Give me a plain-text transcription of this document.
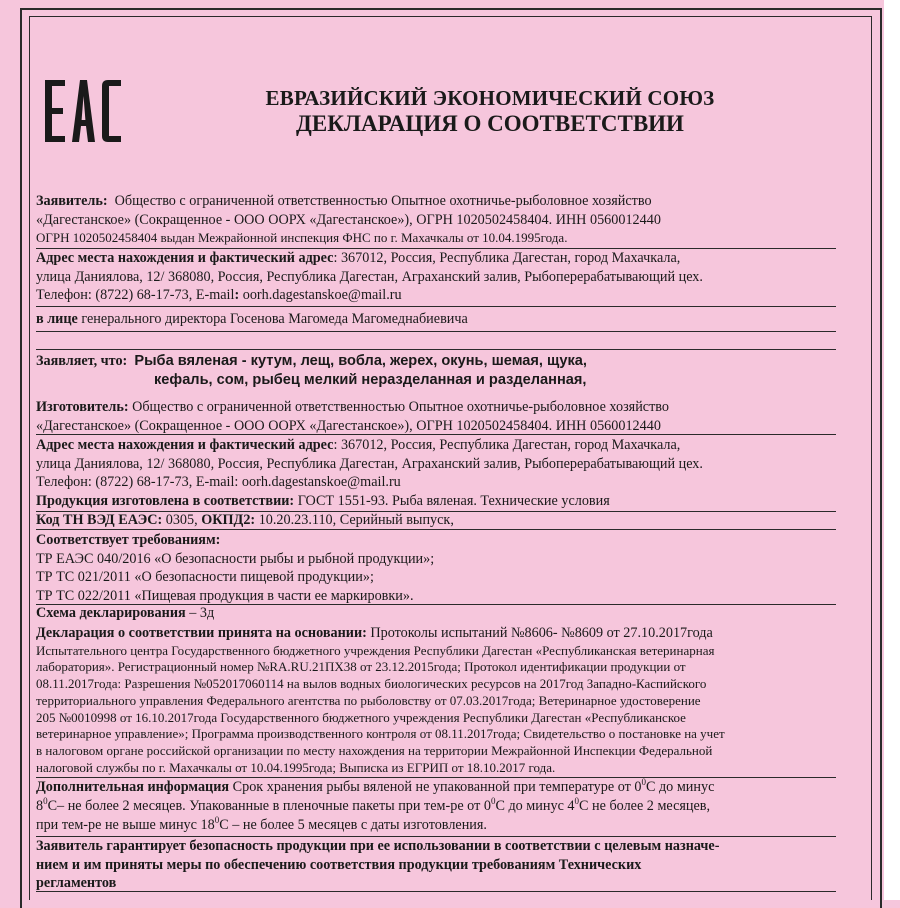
ЕВРАЗИЙСКИЙ ЭКОНОМИЧЕСКИЙ СОЮЗ
ДЕКЛАРАЦИЯ О СООТВЕТСТВИИ

Заявитель: Общество с ограниченной ответственностью Опытное охотничье-рыболовное хозяйство

«Дагестанское» (Сокращенное - ООО ООРХ «Дагестанское»), ОГРН 1020502458404. ИНН 0560012440

ОГРН 1020502458404 выдан Межрайонной инспекция ФНС по г. Махачкалы от 10.04.1995года.

Адрес места нахождения и фактический адрес: 367012, Россия, Республика Дагестан, город Махачкала,

улица Даниялова, 12/ 368080, Россия, Республика Дагестан, Аграханский залив, Рыбоперерабатывающий цех.

Телефон: (8722) 68-17-73, E-mail: oorh.dagestanskoe@mail.ru

в лице генерального директора Госенова Магомеда Магомеднабиевича

Заявляет, что: Рыба вяленая - кутум, лещ, вобла, жерех, окунь, шемая, щука,

кефаль, сом, рыбец мелкий неразделанная и разделанная,

Изготовитель: Общество с ограниченной ответственностью Опытное охотничье-рыболовное хозяйство

«Дагестанское» (Сокращенное - ООО ООРХ «Дагестанское»), ОГРН 1020502458404. ИНН 0560012440

Адрес места нахождения и фактический адрес: 367012, Россия, Республика Дагестан, город Махачкала,

улица Даниялова, 12/ 368080, Россия, Республика Дагестан, Аграханский залив, Рыбоперерабатывающий цех.

Телефон: (8722) 68-17-73, E-mail: oorh.dagestanskoe@mail.ru

Продукция изготовлена в соответствии: ГОСТ 1551-93. Рыба вяленая. Технические условия

Код ТН ВЭД ЕАЭС: 0305, ОКПД2: 10.20.23.110, Серийный выпуск,

Соответствует требованиям:

ТР ЕАЭС 040/2016 «О безопасности рыбы и рыбной продукции»;

ТР ТС 021/2011 «О безопасности пищевой продукции»;

ТР ТС 022/2011 «Пищевая продукция в части ее маркировки».

Схема декларирования – 3д

Декларация о соответствии принята на основании: Протоколы испытаний №8606- №8609 от 27.10.2017года

Испытательного центра Государственного бюджетного учреждения Республики Дагестан «Республиканская ветеринарная

лаборатория». Регистрационный номер №RA.RU.21ПХ38 от 23.12.2015года; Протокол идентификации продукции от

08.11.2017года: Разрешения №052017060114 на вылов водных биологических ресурсов на 2017год Западно-Каспийского

территориального управления Федерального агентства по рыболовству от 07.03.2017года; Ветеринарное удостоверение

205 №0010998 от 16.10.2017года Государственного бюджетного учреждения Республики Дагестан «Республиканское

ветеринарное управление»; Программа производственного контроля от 08.11.2017года; Свидетельство о постановке на учет

в налоговом органе российской организации по месту нахождения на территории Межрайонной Инспекции Федеральной

налоговой службы по г. Махачкалы от 10.04.1995года; Выписка из ЕГРИП от 18.10.2017 года.

Дополнительная информация Срок хранения рыбы вяленой не упакованной при температуре от $0^0С$ до минус

$8^0С-$ не более 2 месяцев. Упакованные в пленочные пакеты при тем-ре от $0^0С$ до минус $4^0С$ не более 2 месяцев,

при тем-ре не выше минус $18^0С$ – не более 5 месяцев с даты изготовления.

Заявитель гарантирует безопасность продукции при ее использовании в соответствии с целевым назначе-

нием и им приняты меры по обеспечению соответствия продукции требованиям Технических

регламентов
